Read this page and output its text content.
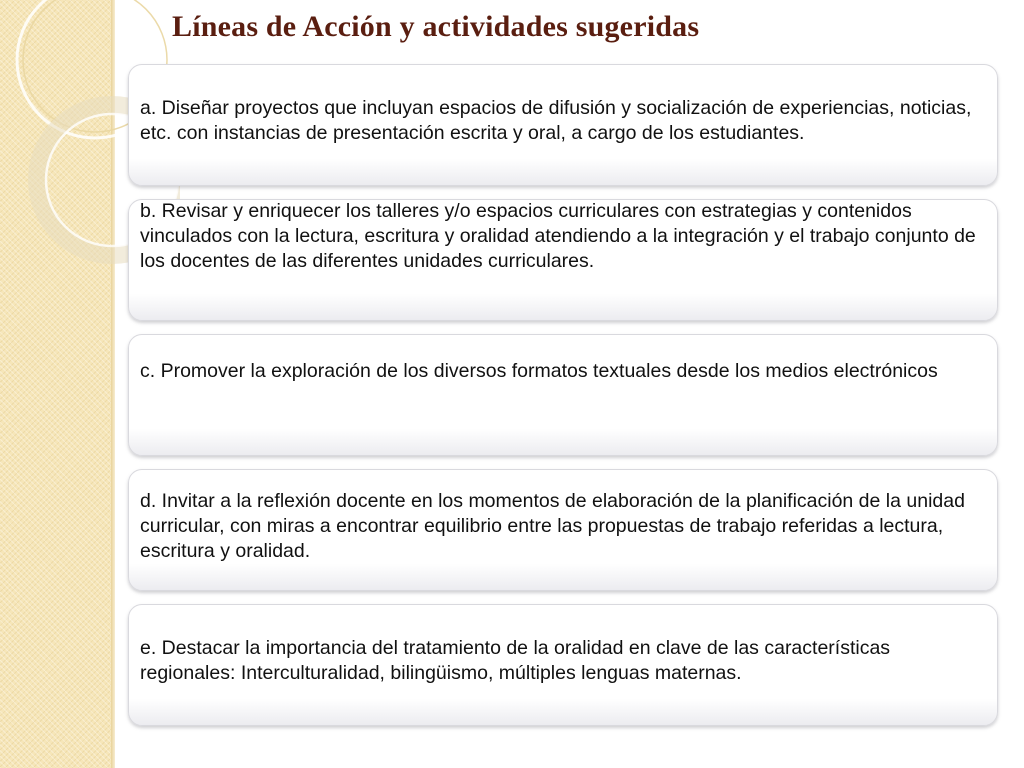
Líneas de Acción y actividades sugeridas

a. Diseñar proyectos que incluyan espacios de difusión y socialización de experiencias, noticias, etc. con instancias de presentación escrita y oral, a cargo de los estudiantes.

b. Revisar y enriquecer los talleres y/o espacios curriculares con estrategias y contenidos vinculados con la lectura, escritura y oralidad atendiendo a la integración y el trabajo conjunto de los docentes de las diferentes unidades curriculares.

c. Promover la exploración de los diversos formatos textuales desde los medios electrónicos

d. Invitar a la reflexión docente en los momentos de elaboración de la planificación de la unidad curricular, con miras a encontrar equilibrio entre las propuestas de trabajo referidas a lectura, escritura y oralidad.

e. Destacar la importancia del tratamiento de la oralidad en clave de las características regionales: Interculturalidad, bilingüismo, múltiples lenguas maternas.
